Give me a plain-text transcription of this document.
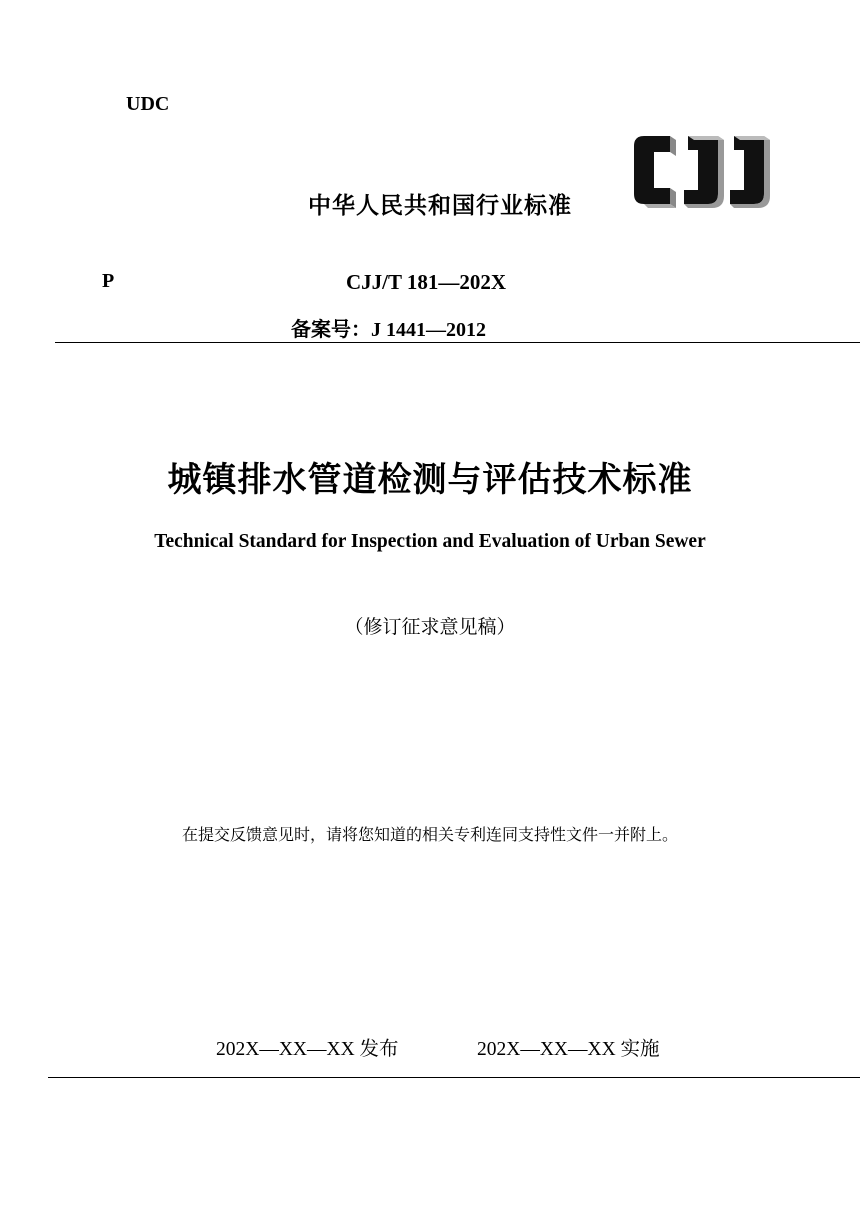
UDC
中华人民共和国行业标准
P	CJJ/T 181—202X
备案号：J 1441—2012
城镇排水管道检测与评估技术标准
Technical Standard for Inspection and Evaluation of Urban Sewer
（修订征求意见稿）
在提交反馈意见时，请将您知道的相关专利连同支持性文件一并附上。
202X—XX—XX 发布	202X—XX—XX 实施
